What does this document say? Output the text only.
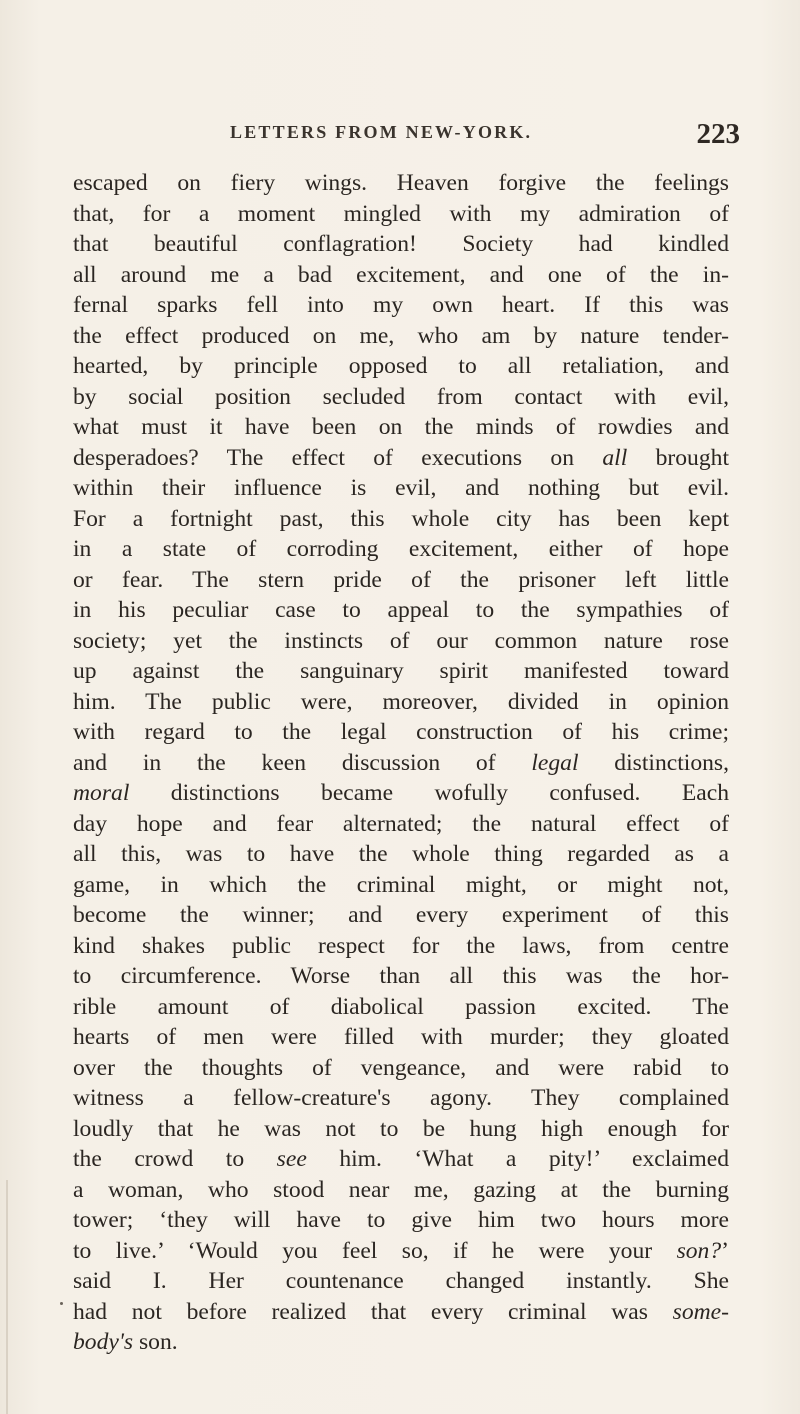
LETTERS FROM NEW-YORK.	223
escaped on fiery wings. Heaven forgive the feelings
that, for a moment mingled with my admiration of
that beautiful conflagration! Society had kindled
all around me a bad excitement, and one of the in-
fernal sparks fell into my own heart. If this was
the effect produced on me, who am by nature tender-
hearted, by principle opposed to all retaliation, and
by social position secluded from contact with evil,
what must it have been on the minds of rowdies and
desperadoes? The effect of executions on all brought
within their influence is evil, and nothing but evil.
For a fortnight past, this whole city has been kept
in a state of corroding excitement, either of hope
or fear. The stern pride of the prisoner left little
in his peculiar case to appeal to the sympathies of
society; yet the instincts of our common nature rose
up against the sanguinary spirit manifested toward
him. The public were, moreover, divided in opinion
with regard to the legal construction of his crime;
and in the keen discussion of legal distinctions,
moral distinctions became wofully confused. Each
day hope and fear alternated; the natural effect of
all this, was to have the whole thing regarded as a
game, in which the criminal might, or might not,
become the winner; and every experiment of this
kind shakes public respect for the laws, from centre
to circumference. Worse than all this was the hor-
rible amount of diabolical passion excited. The
hearts of men were filled with murder; they gloated
over the thoughts of vengeance, and were rabid to
witness a fellow-creature's agony. They complained
loudly that he was not to be hung high enough for
the crowd to see him. ‘What a pity!’ exclaimed
a woman, who stood near me, gazing at the burning
tower; ‘they will have to give him two hours more
to live.’ ‘Would you feel so, if he were your son?’
said I. Her countenance changed instantly. She
had not before realized that every criminal was some-
body's son.
